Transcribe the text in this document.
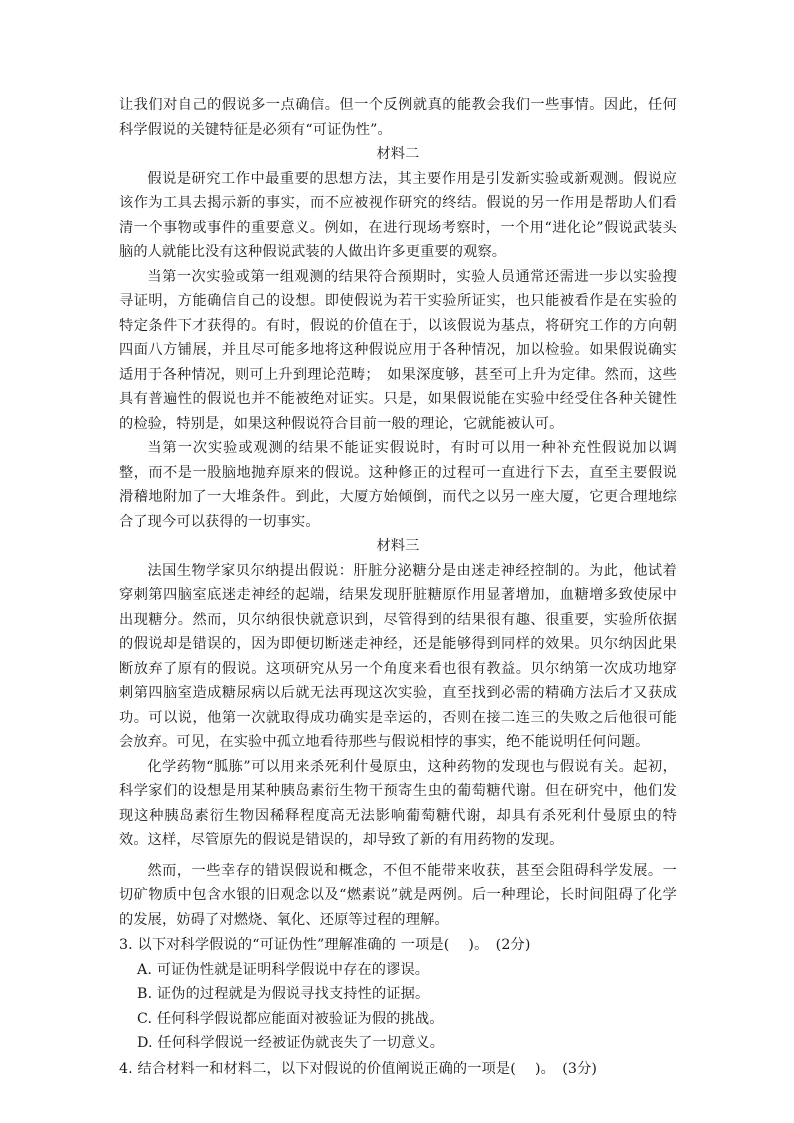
让我们对自己的假说多一点确信。但一个反例就真的能教会我们一些事情。因此，任何科学假说的关键特征是必须有“可证伪性”。

材料二

假说是研究工作中最重要的思想方法，其主要作用是引发新实验或新观测。假说应该作为工具去揭示新的事实，而不应被视作研究的终结。假说的另一作用是帮助人们看清一个事物或事件的重要意义。例如，在进行现场考察时，一个用“进化论”假说武装头脑的人就能比没有这种假说武装的人做出许多更重要的观察。

当第一次实验或第一组观测的结果符合预期时，实验人员通常还需进一步以实验搜寻证明，方能确信自己的设想。即使假说为若干实验所证实，也只能被看作是在实验的特定条件下才获得的。有时，假说的价值在于，以该假说为基点，将研究工作的方向朝四面八方铺展，并且尽可能多地将这种假说应用于各种情况，加以检验。如果假说确实适用于各种情况，则可上升到理论范畴；　如果深度够，甚至可上升为定律。然而，这些具有普遍性的假说也并不能被绝对证实。只是，如果假说能在实验中经受住各种关键性的检验，特别是，如果这种假说符合目前一般的理论，它就能被认可。

当第一次实验或观测的结果不能证实假说时，有时可以用一种补充性假说加以调整，而不是一股脑地抛弃原来的假说。这种修正的过程可一直进行下去，直至主要假说滑稽地附加了一大堆条件。到此，大厦方始倾倒，而代之以另一座大厦，它更合理地综合了现今可以获得的一切事实。

材料三

法国生物学家贝尔纳提出假说：肝脏分泌糖分是由迷走神经控制的。为此，他试着穿刺第四脑室底迷走神经的起端，结果发现肝脏糖原作用显著增加，血糖增多致使尿中出现糖分。然而，贝尔纳很快就意识到，尽管得到的结果很有趣、很重要，实验所依据的假说却是错误的，因为即便切断迷走神经，还是能够得到同样的效果。贝尔纳因此果断放弃了原有的假说。这项研究从另一个角度来看也很有教益。贝尔纳第一次成功地穿刺第四脑室造成糖尿病以后就无法再现这次实验，直至找到必需的精确方法后才又获成功。可以说，他第一次就取得成功确实是幸运的，否则在接二连三的失败之后他很可能会放弃。可见，在实验中孤立地看待那些与假说相悖的事实，绝不能说明任何问题。

化学药物“胍胨”可以用来杀死利什曼原虫，这种药物的发现也与假说有关。起初，科学家们的设想是用某种胰岛素衍生物干预寄生虫的葡萄糖代谢。但在研究中，他们发现这种胰岛素衍生物因稀释程度高无法影响葡萄糖代谢，却具有杀死利什曼原虫的特效。这样，尽管原先的假说是错误的，却导致了新的有用药物的发现。

然而，一些幸存的错误假说和概念，不但不能带来收获，甚至会阻碍科学发展。一切矿物质中包含水银的旧观念以及“燃素说”就是两例。后一种理论，长时间阻碍了化学的发展，妨碍了对燃烧、氧化、还原等过程的理解。

3. 以下对科学假说的“可证伪性”理解准确的 一项是(　 )。　(2分)

A. 可证伪性就是证明科学假说中存在的谬误。

B. 证伪的过程就是为假说寻找支持性的证据。

C. 任何科学假说都应能面对被验证为假的挑战。

D. 任何科学假说一经被证伪就丧失了一切意义。

4. 结合材料一和材料二，以下对假说的价值阐说正确的一项是(　 )。　(3分)
